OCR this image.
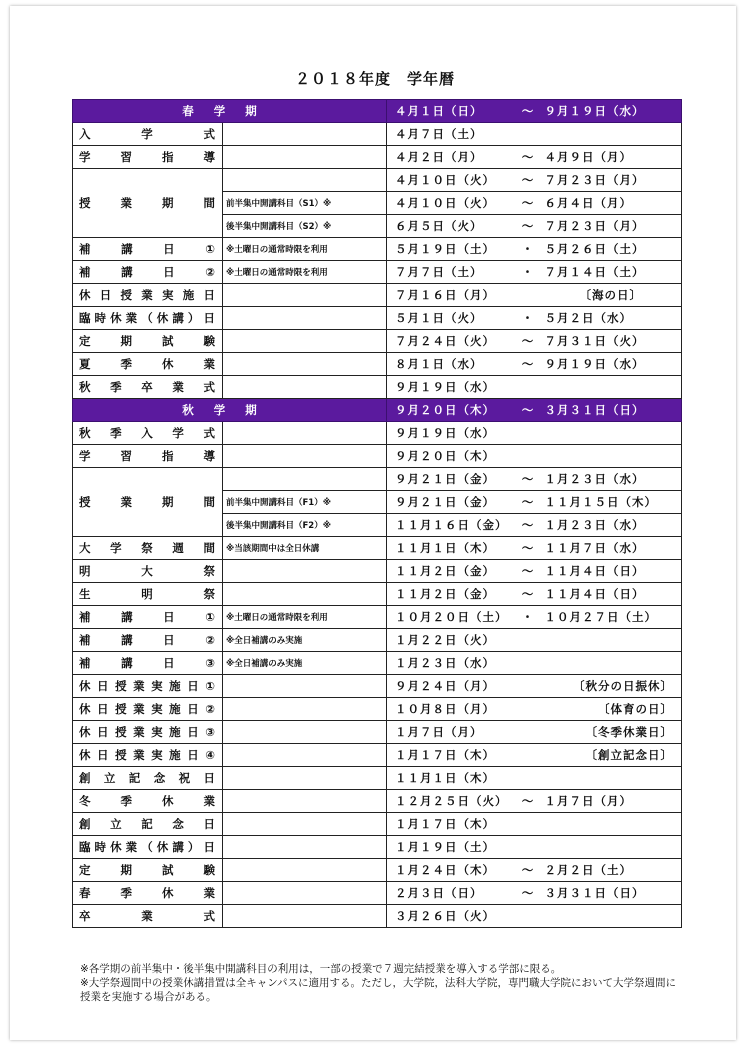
２０１８年度　学年暦
春学期		４月１日（日）	～	９月１９日（水）
入学式		４月７日（土）		
学習指導		４月２日（月）	～	４月９日（月）
授業期間		４月１０日（火）	～	７月２３日（月）
	前半集中開講科目（S1）※	４月１０日（火）	～	６月４日（月）
	後半集中開講科目（S2）※	６月５日（火）	～	７月２３日（月）
補講日①	※土曜日の通常時限を利用	５月１９日（土）	・	５月２６日（土）
補講日②	※土曜日の通常時限を利用	７月７日（土）	・	７月１４日（土）
休日授業実施日		７月１６日（月）		〔海の日〕
臨時休業（休講）日		５月１日（火）	・	５月２日（水）
定期試験		７月２４日（火）	～	７月３１日（火）
夏季休業		８月１日（水）	～	９月１９日（水）
秋季卒業式		９月１９日（水）		
秋学期		９月２０日（木）	～	３月３１日（日）
秋季入学式		９月１９日（水）		
学習指導		９月２０日（木）		
授業期間		９月２１日（金）	～	１月２３日（水）
	前半集中開講科目（F1）※	９月２１日（金）	～	１１月１５日（木）
	後半集中開講科目（F2）※	１１月１６日（金）	～	１月２３日（水）
大学祭週間	※当該期間中は全日休講	１１月１日（木）	～	１１月７日（水）
明大祭		１１月２日（金）	～	１１月４日（日）
生明祭		１１月２日（金）	～	１１月４日（日）
補講日①	※土曜日の通常時限を利用	１０月２０日（土）	・	１０月２７日（土）
補講日②	※全日補講のみ実施	１月２２日（火）		
補講日③	※全日補講のみ実施	１月２３日（水）		
休日授業実施日①		９月２４日（月）		〔秋分の日振休〕
休日授業実施日②		１０月８日（月）		〔体育の日〕
休日授業実施日③		１月７日（月）		〔冬季休業日〕
休日授業実施日④		１月１７日（木）		〔創立記念日〕
創立記念祝日		１１月１日（木）		
冬季休業		１２月２５日（火）	～	１月７日（月）
創立記念日		１月１７日（木）		
臨時休業（休講）日		１月１９日（土）		
定期試験		１月２４日（木）	～	２月２日（土）
春季休業		２月３日（日）	～	３月３１日（日）
卒業式		３月２６日（火）		
※各学期の前半集中・後半集中開講科目の利用は，一部の授業で７週完結授業を導入する学部に限る。
※大学祭週間中の授業休講措置は全キャンパスに適用する。ただし，大学院，法科大学院，専門職大学院において大学祭週間に授業を実施する場合がある。
